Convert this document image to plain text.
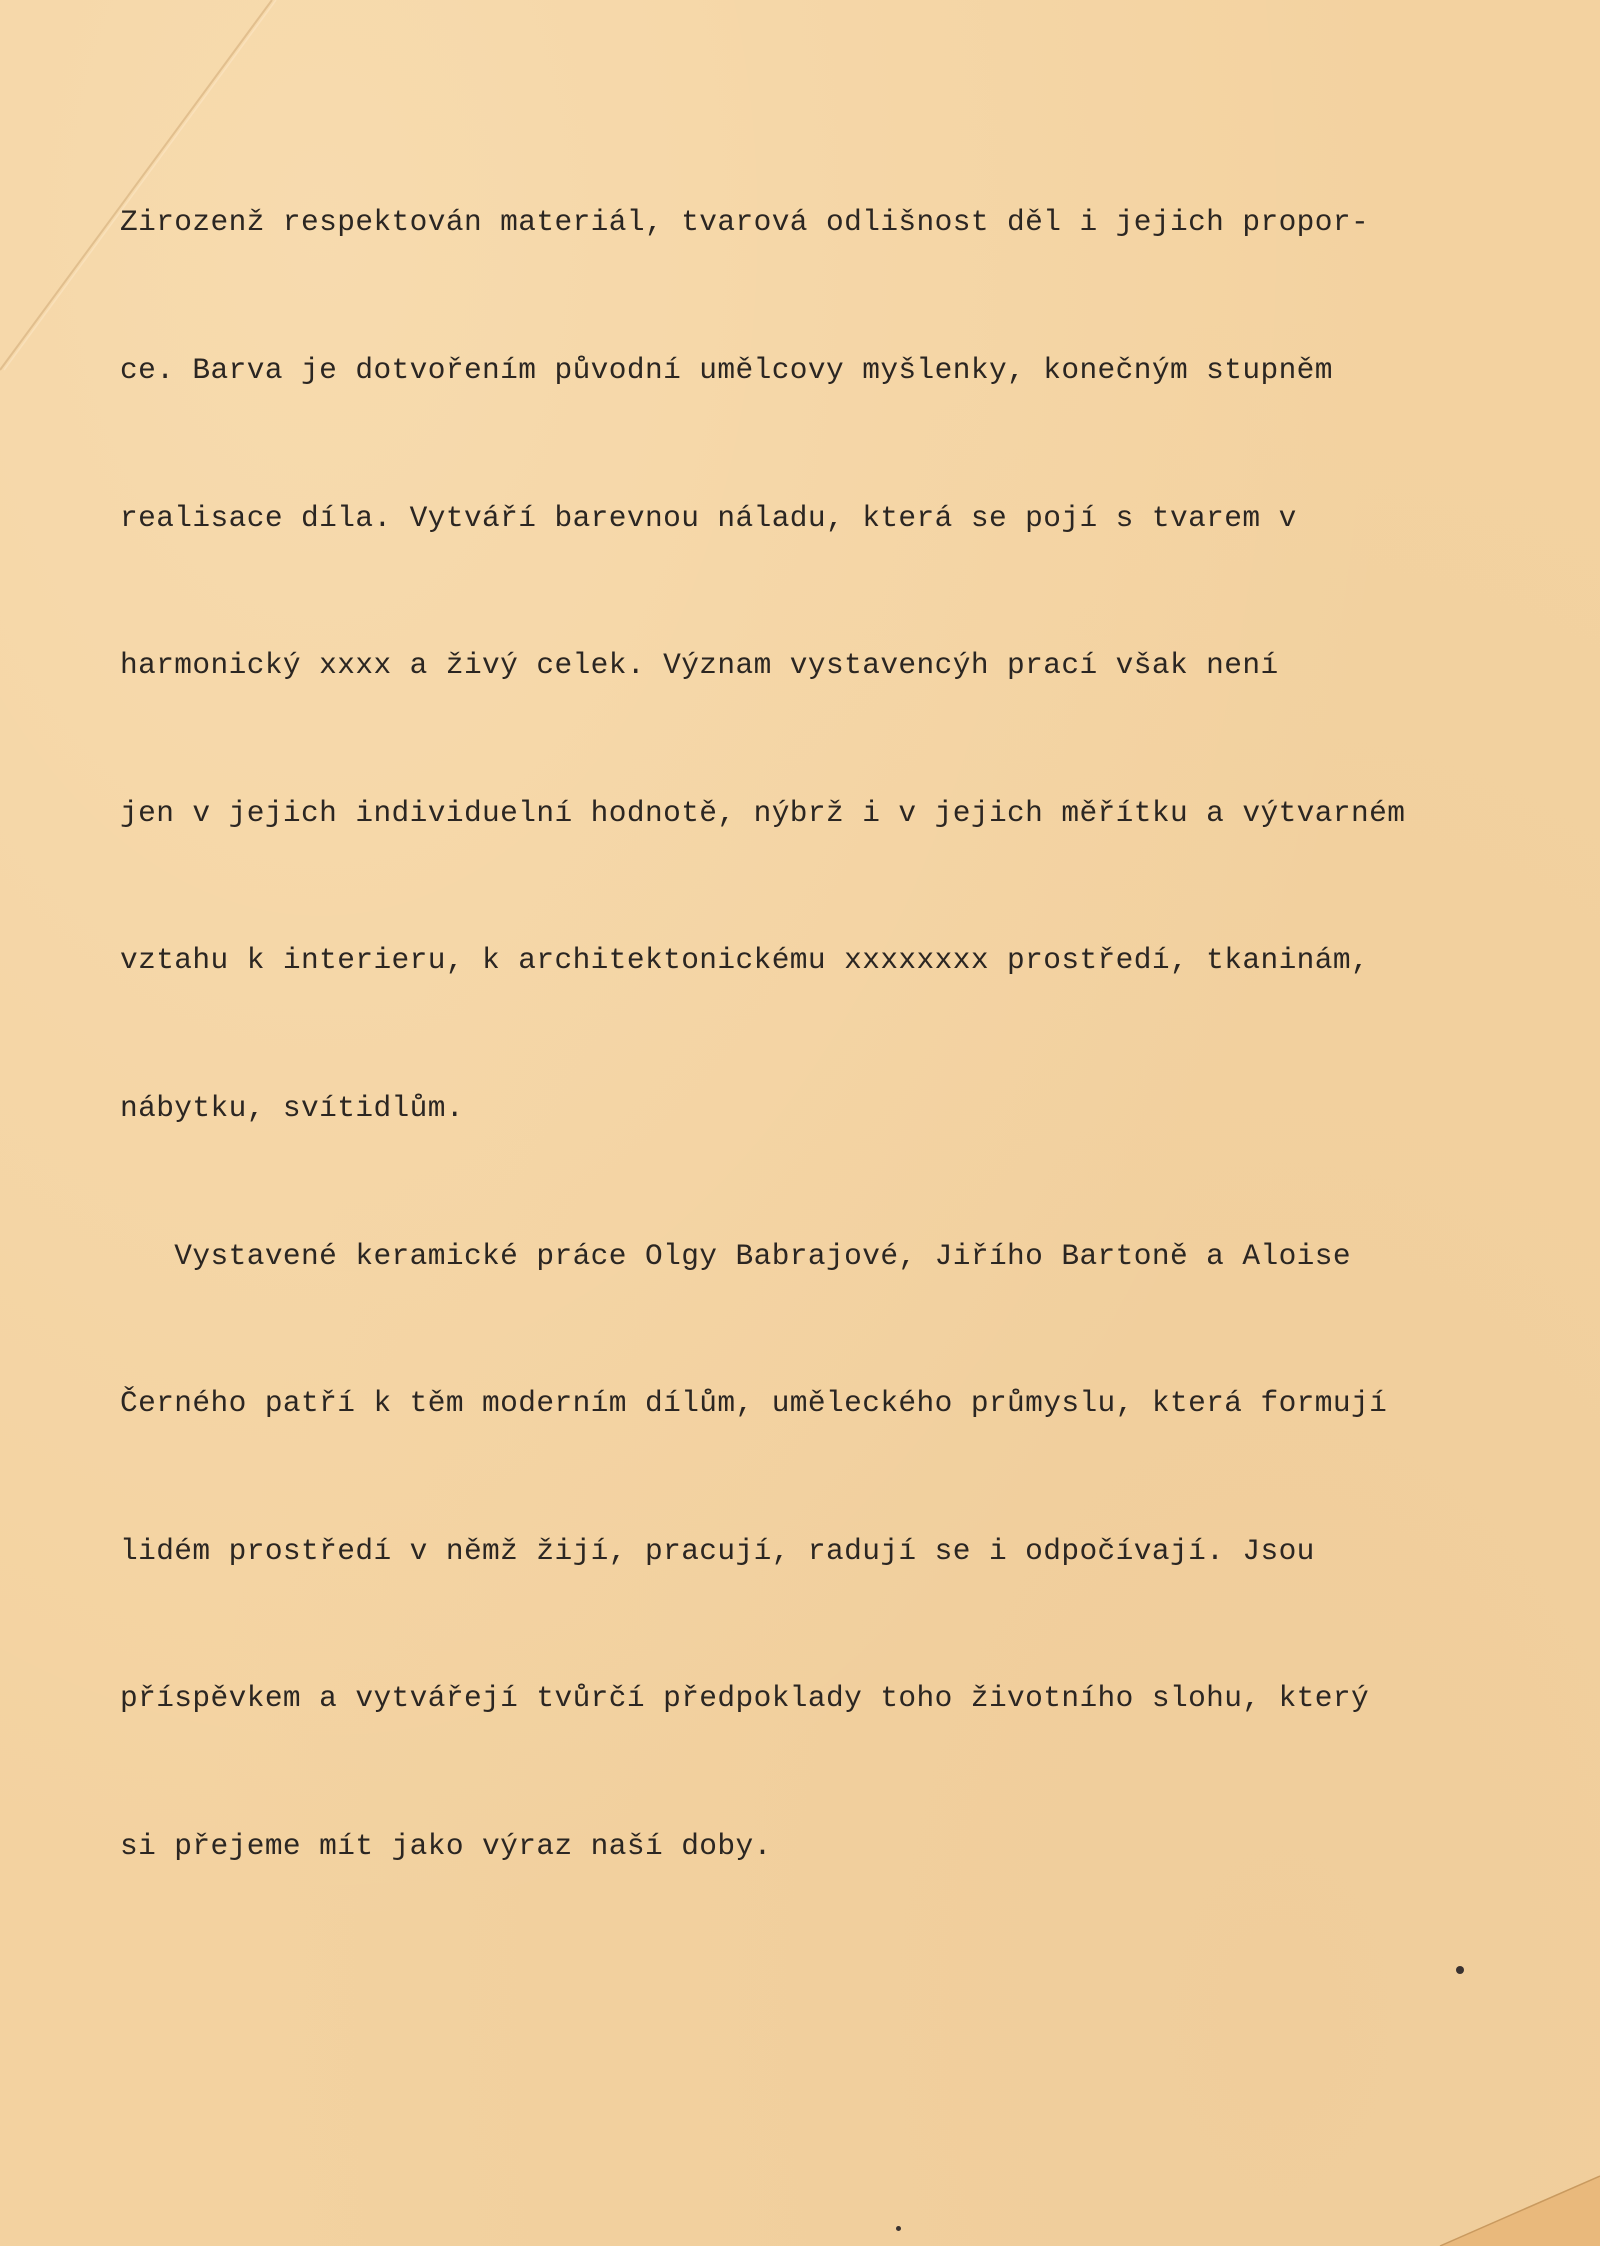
Zirozenž respektován materiál, tvarová odlišnost děl i jejich propor-

ce. Barva je dotvořením původní umělcovy myšlenky, konečným stupněm

realisace díla. Vytváří barevnou náladu, která se pojí s tvarem v

harmonický xxxx a živý celek. Význam vystavencýh prací však není

jen v jejich individuelní hodnotě, nýbrž i v jejich měřítku a výtvarném

vztahu k interieru, k architektonickému xxxxxxxx prostředí, tkaninám,

nábytku, svítidlům.

Vystavené keramické práce Olgy Babrajové, Jiřího Bartoně a Aloise

Černého patří k těm moderním dílům, uměleckého průmyslu, která formují

lidém prostředí v němž žijí, pracují, radují se i odpočívají. Jsou

příspěvkem a vytvářejí tvůrčí předpoklady toho životního slohu, který

si přejeme mít jako výraz naší doby.
